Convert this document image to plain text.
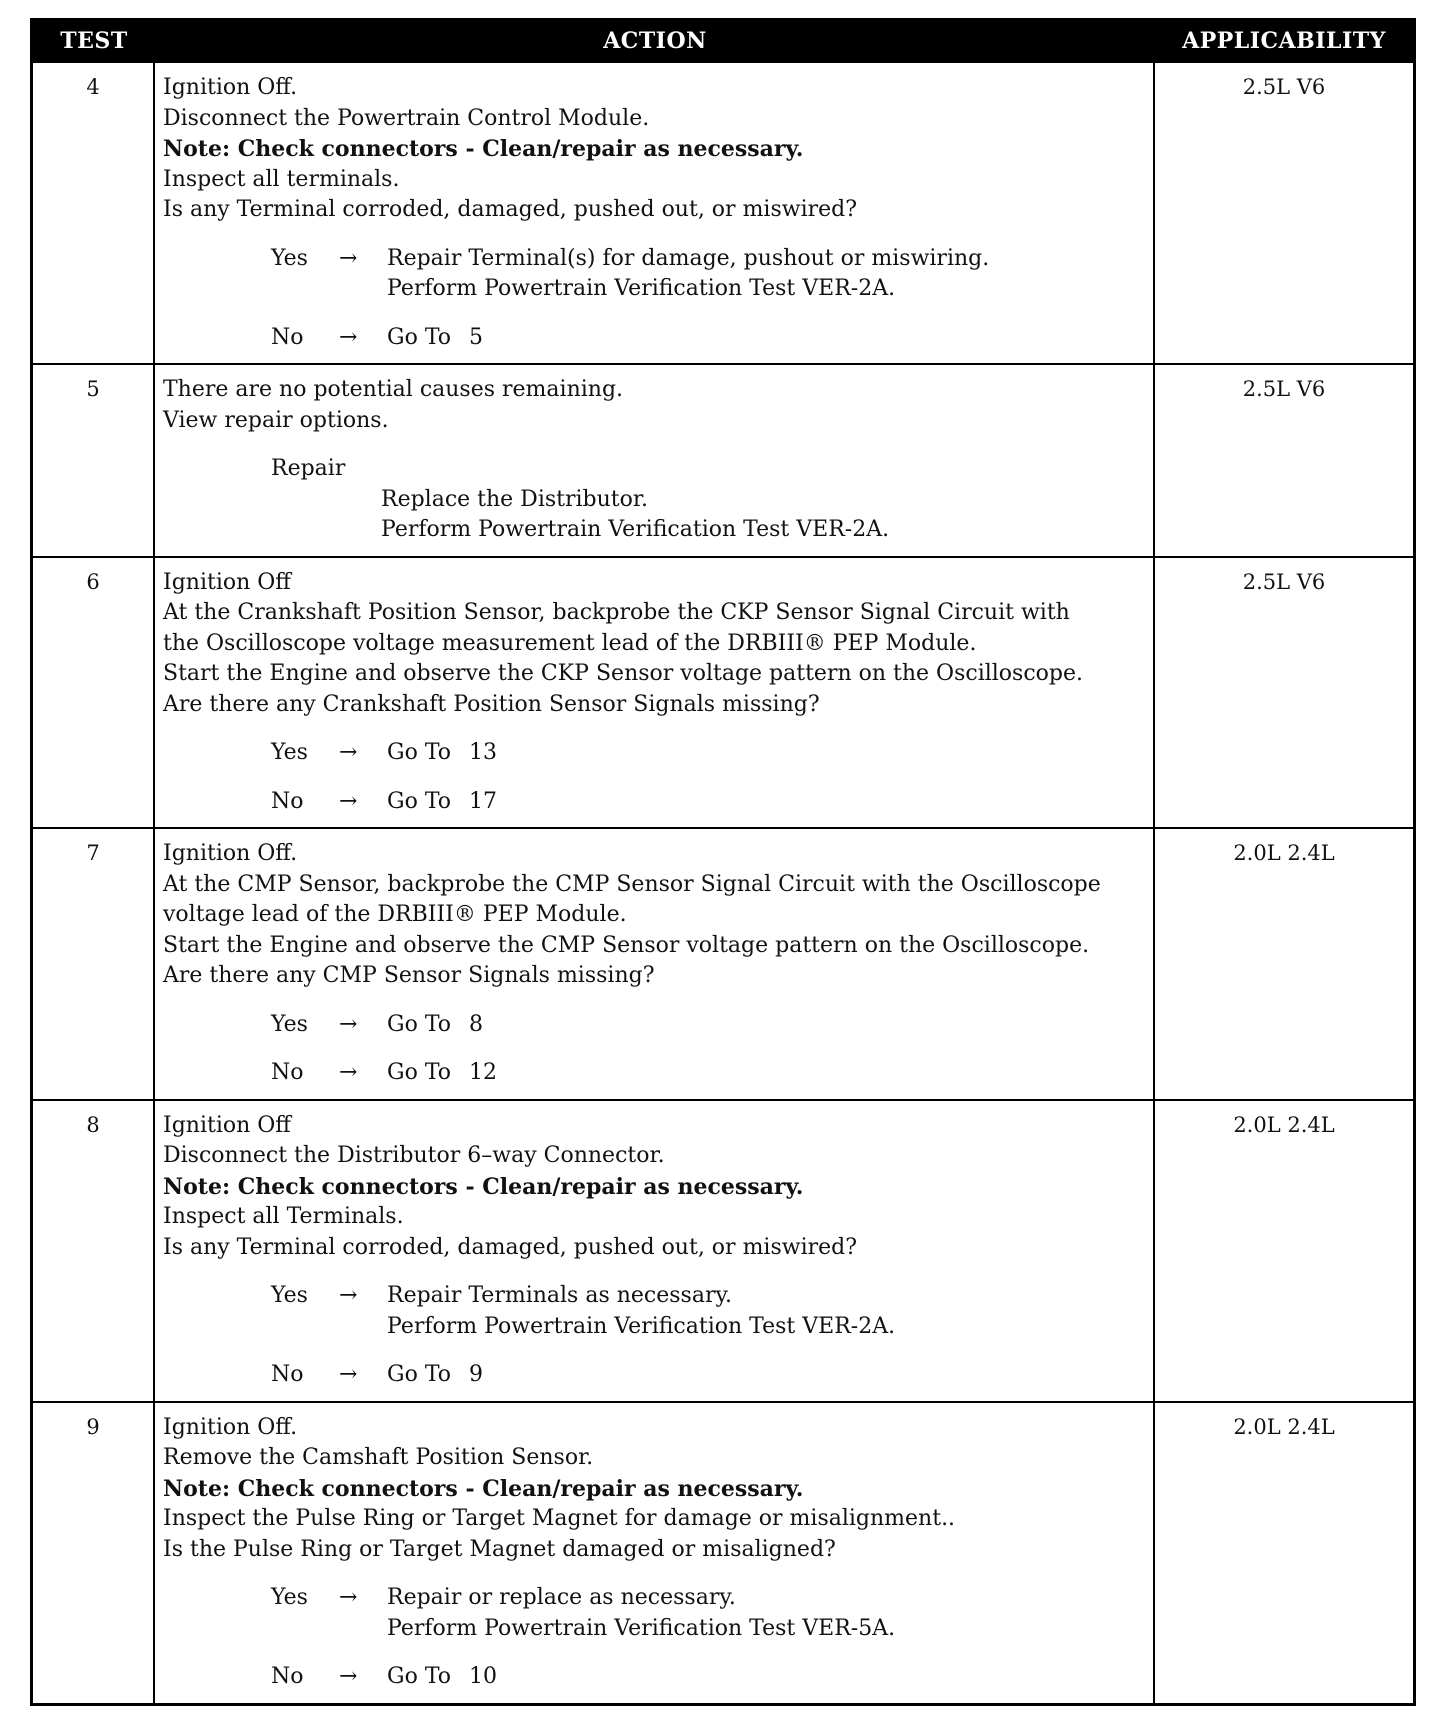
TEST	ACTION	APPLICABILITY
4	Ignition Off.
Disconnect the Powertrain Control Module.
Note: Check connectors - Clean/repair as necessary.
Inspect all terminals.
Is any Terminal corroded, damaged, pushed out, or miswired?
Yes	→	Repair Terminal(s) for damage, pushout or miswiring.
Perform Powertrain Verification Test VER-2A.
No	→	Go To 5
2.5L V6
5	There are no potential causes remaining.
View repair options.
Repair
Replace the Distributor.
Perform Powertrain Verification Test VER-2A.
2.5L V6
6	Ignition Off
At the Crankshaft Position Sensor, backprobe the CKP Sensor Signal Circuit with
the Oscilloscope voltage measurement lead of the DRBIII® PEP Module.
Start the Engine and observe the CKP Sensor voltage pattern on the Oscilloscope.
Are there any Crankshaft Position Sensor Signals missing?
Yes	→	Go To 13
No	→	Go To 17
2.5L V6
7	Ignition Off.
At the CMP Sensor, backprobe the CMP Sensor Signal Circuit with the Oscilloscope
voltage lead of the DRBIII® PEP Module.
Start the Engine and observe the CMP Sensor voltage pattern on the Oscilloscope.
Are there any CMP Sensor Signals missing?
Yes	→	Go To 8
No	→	Go To 12
2.0L 2.4L
8	Ignition Off
Disconnect the Distributor 6–way Connector.
Note: Check connectors - Clean/repair as necessary.
Inspect all Terminals.
Is any Terminal corroded, damaged, pushed out, or miswired?
Yes	→	Repair Terminals as necessary.
Perform Powertrain Verification Test VER-2A.
No	→	Go To 9
2.0L 2.4L
9	Ignition Off.
Remove the Camshaft Position Sensor.
Note: Check connectors - Clean/repair as necessary.
Inspect the Pulse Ring or Target Magnet for damage or misalignment..
Is the Pulse Ring or Target Magnet damaged or misaligned?
Yes	→	Repair or replace as necessary.
Perform Powertrain Verification Test VER-5A.
No	→	Go To 10
2.0L 2.4L
